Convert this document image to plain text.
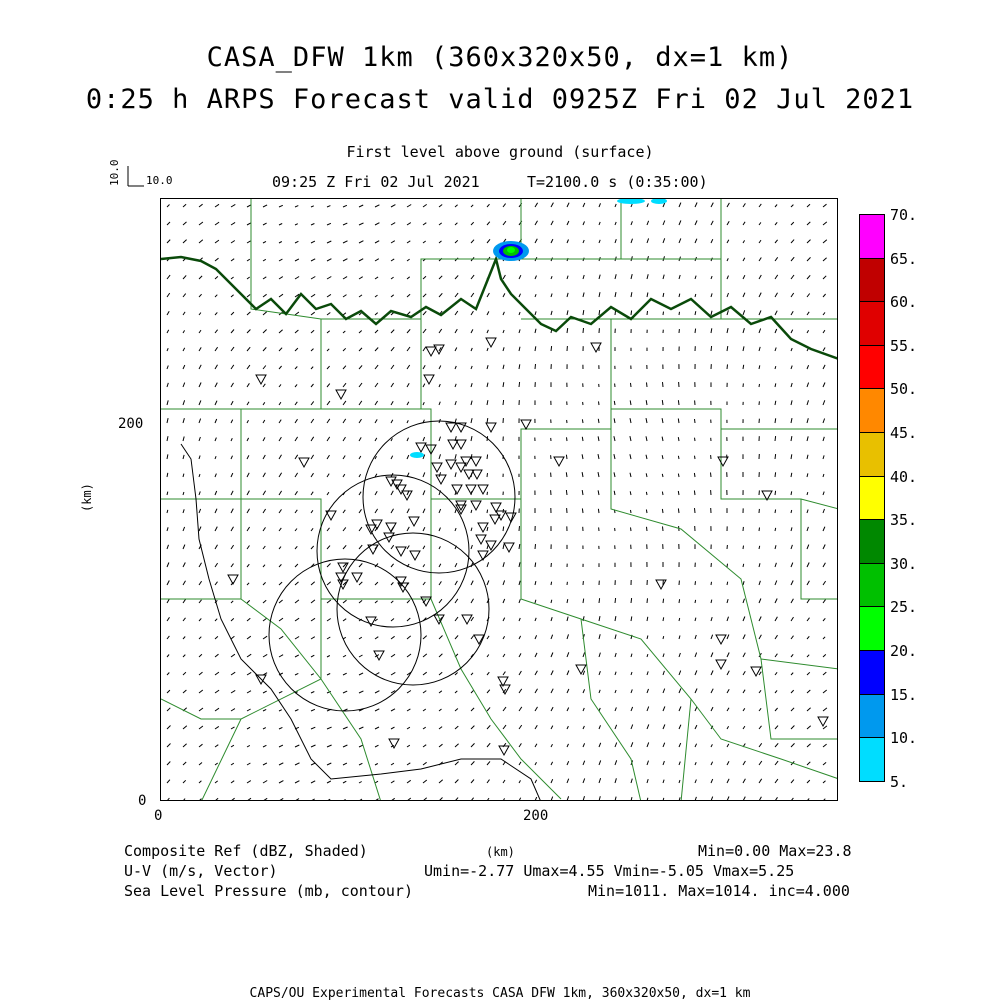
CASA_DFW 1km (360x320x50, dx=1 km)
0:25 h ARPS Forecast valid 0925Z Fri 02 Jul 2021
First level above ground (surface)
09:25 Z Fri 02 Jul 2021	T=2100.0 s (0:35:00)
10.0 10.0
(km)
200
0
0	200
Composite Ref (dBZ, Shaded)
U-V (m/s, Vector)
Sea Level Pressure (mb, contour)
(km)	Min=0.00 Max=23.8
Umin=-2.77 Umax=4.55 Vmin=-5.05 Vmax=5.25
Min=1011. Max=1014. inc=4.000
CAPS/OU Experimental Forecasts CASA DFW 1km, 360x320x50, dx=1 km
70.
65.
60.
55.
50.
45.
40.
35.
30.
25.
20.
15.
10.
5.
